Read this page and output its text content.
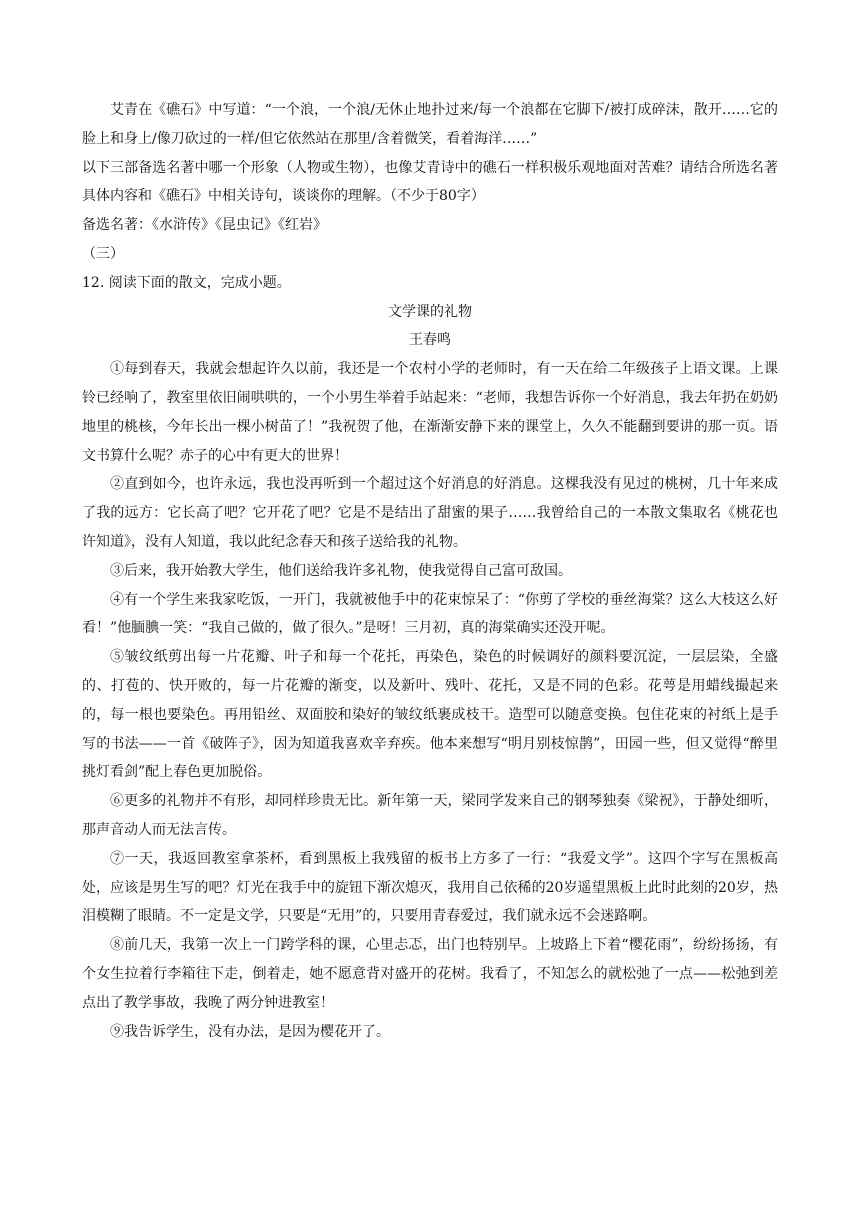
艾青在《礁石》中写道：“一个浪，一个浪/无休止地扑过来/每一个浪都在它脚下/被打成碎沫，散开……它的脸上和身上/像刀砍过的一样/但它依然站在那里/含着微笑，看着海洋……”

以下三部备选名著中哪一个形象（人物或生物），也像艾青诗中的礁石一样积极乐观地面对苦难？请结合所选名著具体内容和《礁石》中相关诗句，谈谈你的理解。（不少于80字）

备选名著：《水浒传》《昆虫记》《红岩》

（三）

12. 阅读下面的散文，完成小题。

文学课的礼物

王春鸣

①每到春天，我就会想起许久以前，我还是一个农村小学的老师时，有一天在给二年级孩子上语文课。上课铃已经响了，教室里依旧闹哄哄的，一个小男生举着手站起来：“老师，我想告诉你一个好消息，我去年扔在奶奶地里的桃核，今年长出一棵小树苗了！”我祝贺了他，在渐渐安静下来的课堂上，久久不能翻到要讲的那一页。语文书算什么呢？赤子的心中有更大的世界！

②直到如今，也许永远，我也没再听到一个超过这个好消息的好消息。这棵我没有见过的桃树，几十年来成了我的远方：它长高了吧？它开花了吧？它是不是结出了甜蜜的果子……我曾给自己的一本散文集取名《桃花也许知道》，没有人知道，我以此纪念春天和孩子送给我的礼物。

③后来，我开始教大学生，他们送给我许多礼物，使我觉得自己富可敌国。

④有一个学生来我家吃饭，一开门，我就被他手中的花束惊呆了：“你剪了学校的垂丝海棠？这么大枝这么好看！”他腼腆一笑：“我自己做的，做了很久。”是呀！三月初，真的海棠确实还没开呢。

⑤皱纹纸剪出每一片花瓣、叶子和每一个花托，再染色，染色的时候调好的颜料要沉淀，一层层染，全盛的、打苞的、快开败的，每一片花瓣的渐变，以及新叶、残叶、花托，又是不同的色彩。花萼是用蜡线撮起来的，每一根也要染色。再用铅丝、双面胶和染好的皱纹纸裹成枝干。造型可以随意变换。包住花束的衬纸上是手写的书法——一首《破阵子》，因为知道我喜欢辛弃疾。他本来想写“明月别枝惊鹊”，田园一些，但又觉得“醉里挑灯看剑”配上春色更加脱俗。

⑥更多的礼物并不有形，却同样珍贵无比。新年第一天，梁同学发来自己的钢琴独奏《梁祝》，于静处细听，那声音动人而无法言传。

⑦一天，我返回教室拿茶杯，看到黑板上我残留的板书上方多了一行：“我爱文学”。这四个字写在黑板高处，应该是男生写的吧？灯光在我手中的旋钮下渐次熄灭，我用自己依稀的20岁遥望黑板上此时此刻的20岁，热泪模糊了眼睛。不一定是文学，只要是“无用”的，只要用青春爱过，我们就永远不会迷路啊。

⑧前几天，我第一次上一门跨学科的课，心里忐忑，出门也特别早。上坡路上下着“樱花雨”，纷纷扬扬，有个女生拉着行李箱往下走，倒着走，她不愿意背对盛开的花树。我看了，不知怎么的就松弛了一点——松弛到差点出了教学事故，我晚了两分钟进教室！

⑨我告诉学生，没有办法，是因为樱花开了。
